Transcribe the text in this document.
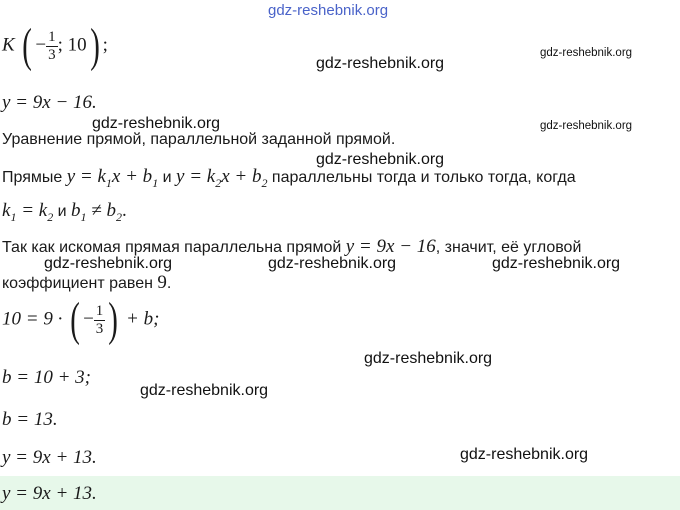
gdz-reshebnik.org
gdz-reshebnik.org
gdz-reshebnik.org
gdz-reshebnik.org	gdz-reshebnik.org
gdz-reshebnik.org
gdz-reshebnik.org	gdz-reshebnik.org	gdz-reshebnik.org
gdz-reshebnik.org
gdz-reshebnik.org
gdz-reshebnik.org
K ( − $\frac{1}{3}$ ; 10) ;
y = 9x − 16.
Уравнение прямой, параллельной заданной прямой.
Прямые $y = k_1x + b_1$ и $y = k_2x + b_2$ параллельны тогда и только тогда, когда
$k_1 = k_2$ и $b_1 \ne b_2$.
Так как искомая прямая параллельна прямой y = 9x − 16, значит, её угловой
коэффициент равен 9.
10 = 9 · ( − $\frac{1}{3}$ ) + b;
b = 10 + 3;
b = 13.
y = 9x + 13.
y = 9x + 13.
